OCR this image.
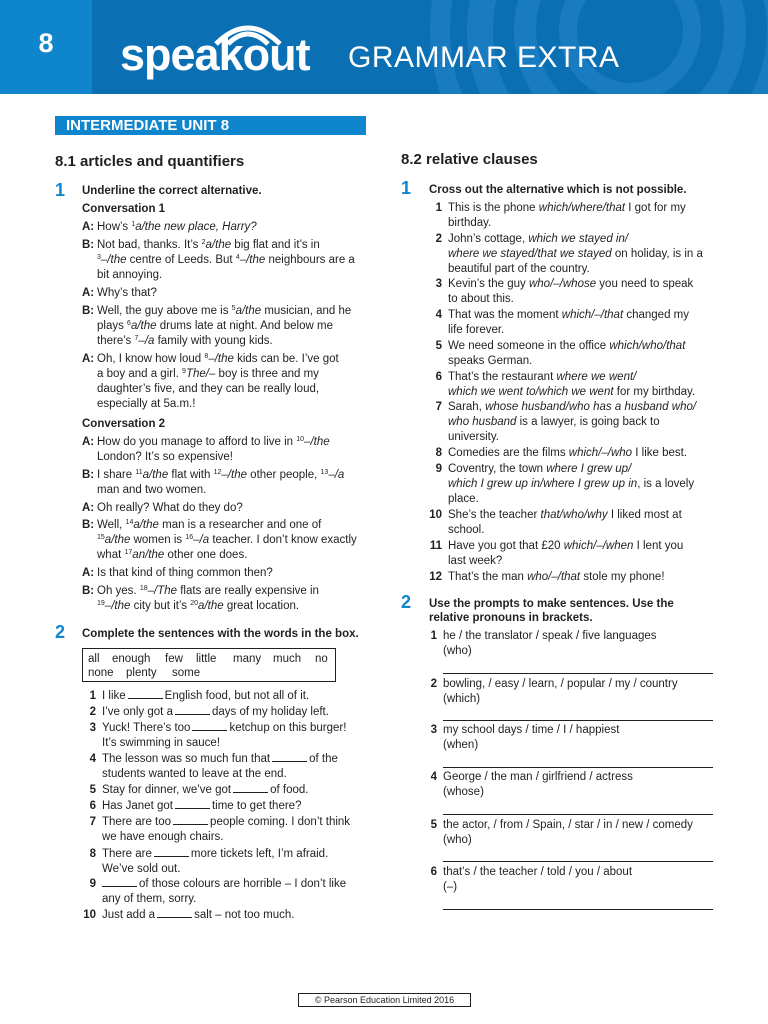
8	speakout GRAMMAR EXTRA
INTERMEDIATE UNIT 8
8.1 articles and quantifiers
1 Underline the correct alternative.
Conversation 1
A: How’s $^1$a/the new place, Harry?
B: Not bad, thanks. It’s $^2$a/the big flat and it’s in
$^3$–/the centre of Leeds. But $^4$–/the neighbours are a
bit annoying.
A: Why’s that?
B: Well, the guy above me is $^5$a/the musician, and he
plays $^6$a/the drums late at night. And below me
there’s $^7$–/a family with young kids.
A: Oh, I know how loud $^8$–/the kids can be. I’ve got
a boy and a girl. $^9$The/– boy is three and my
daughter’s five, and they can be really loud,
especially at 5a.m.!
Conversation 2
A: How do you manage to afford to live in $^{10}$–/the
London? It’s so expensive!
B: I share $^{11}$a/the flat with $^{12}$–/the other people, $^{13}$–/a
man and two women.
A: Oh really? What do they do?
B: Well, $^{14}$a/the man is a researcher and one of
$^{15}$a/the women is $^{16}$–/a teacher. I don’t know exactly
what $^{17}$an/the other one does.
A: Is that kind of thing common then?
B: Oh yes. $^{18}$–/The flats are really expensive in
$^{19}$–/the city but it’s $^{20}$a/the great location.
2 Complete the sentences with the words in the box.
all enough few little many much no
none plenty some
1 I like	English food, but not all of it.
2 I’ve only got a	days of my holiday left.
3 Yuck! There’s too	ketchup on this burger!
It’s swimming in sauce!
4 The lesson was so much fun that	of the
students wanted to leave at the end.
5 Stay for dinner, we’ve got	of food.
6 Has Janet got	time to get there?
7 There are too	people coming. I don’t think
we have enough chairs.
8 There are	more tickets left, I’m afraid.
We’ve sold out.
9	of those colours are horrible – I don’t like
any of them, sorry.
10 Just add a	salt – not too much.
8.2 relative clauses
1 Cross out the alternative which is not possible.
1 This is the phone which/where/that I got for my
birthday.
2 John’s cottage, which we stayed in/
where we stayed/that we stayed on holiday, is in a
beautiful part of the country.
3 Kevin’s the guy who/–/whose you need to speak
to about this.
4 That was the moment which/–/that changed my
life forever.
5 We need someone in the office which/who/that
speaks German.
6 That’s the restaurant where we went/
which we went to/which we went for my birthday.
7 Sarah, whose husband/who has a husband who/
who husband is a lawyer, is going back to
university.
8 Comedies are the films which/–/who I like best.
9 Coventry, the town where I grew up/
which I grew up in/where I grew up in, is a lovely
place.
10 She’s the teacher that/who/why I liked most at
school.
11 Have you got that £20 which/–/when I lent you
last week?
12 That’s the man who/–/that stole my phone!
2 Use the prompts to make sentences. Use the
relative pronouns in brackets.
1 he / the translator / speak / five languages
(who)
2 bowling, / easy / learn, / popular / my / country
(which)
3 my school days / time / I / happiest
(when)
4 George / the man / girlfriend / actress
(whose)
5 the actor, / from / Spain, / star / in / new / comedy
(who)
6 that’s / the teacher / told / you / about
(–)
© Pearson Education Limited 2016
